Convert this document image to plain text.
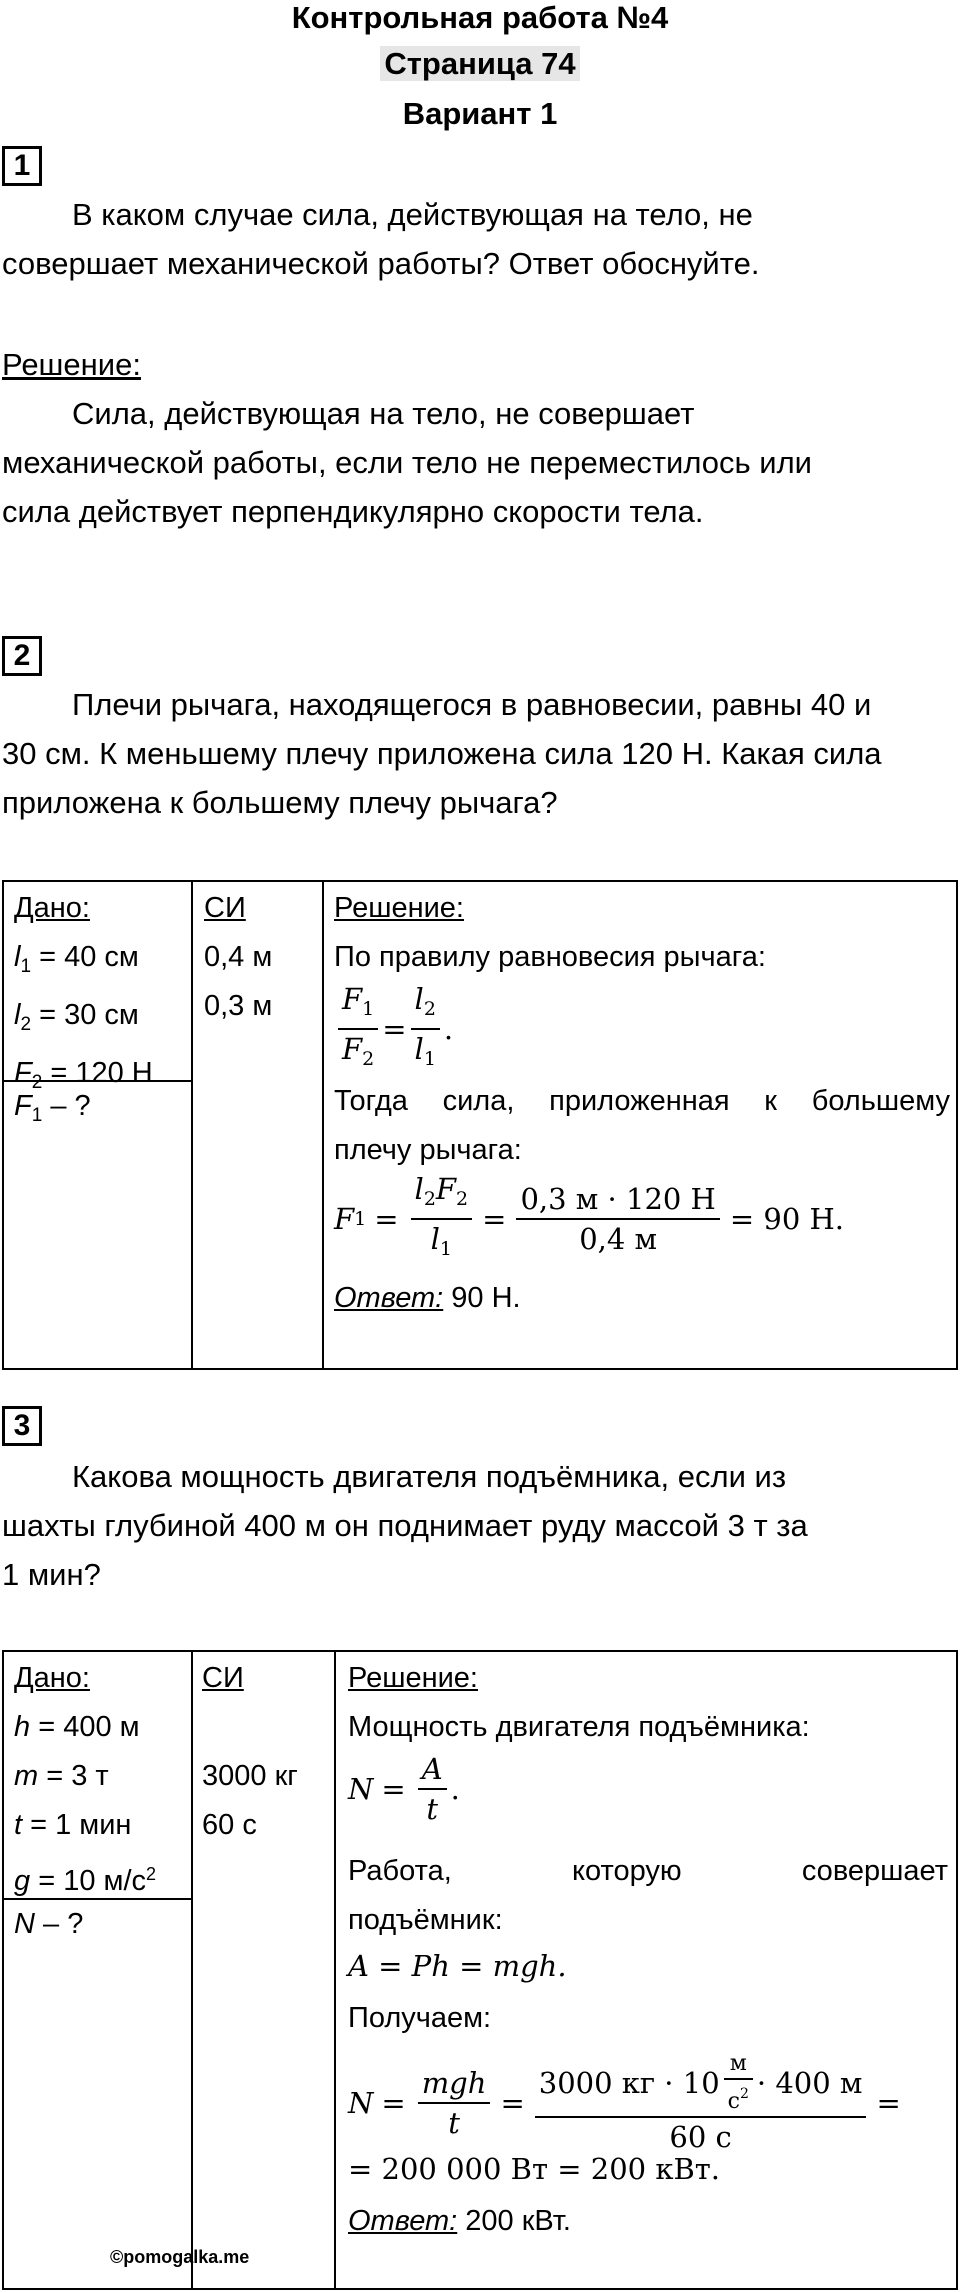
Контрольная работа №4
Страница 74
Вариант 1
1
В каком случае сила, действующая на тело, не
совершает механической работы? Ответ обоснуйте.
Решение:
Сила, действующая на тело, не совершает
механической работы, если тело не переместилось или
сила действует перпендикулярно скорости тела.
2
Плечи рычага, находящегося в равновесии, равны 40 и
30 см. К меньшему плечу приложена сила 120 Н. Какая сила
приложена к большему плечу рычага?
Дано:
$l_1 = 40$ см
$l_2 = 30$ см
$F_2 = 120$ Н
$F_1$ – ?
СИ
0,4 м
0,3 м
Решение:
По правилу равновесия рычага:
$\frac{F_1}{F_2} = \frac{l_2}{l_1}$ .
Тогда сила, приложенная к большему
плечу рычага:
F $1 = \frac{l_2F_2}{l_1} = \frac{0,3 м \cdot 120 Н}{0,4 м} = 90$ Н.
Ответ: 90 Н.
3
Какова мощность двигателя подъёмника, если из
шахты глубиной 400 м он поднимает руду массой 3 т за
1 мин?
Дано:
h = 400 м
m = 3 т
t = 1 мин
g = 10 $м/с^2$
N – ?
СИ

3000 кг
60 с
Решение:
Мощность двигателя подъёмника:
$N = \frac{A}{t}$ .
Работа,	которую	совершает
подъёмник:
A = Ph = mgh.
Получаем:
$N = \frac{\text{mgh}}{t} = \frac{3000 кг \cdot 10 \frac{м}{с^2} \cdot 400 м}{60 с}$ =
= 200 000 Вт = 200 кВт.
Ответ: 200 кВт.
©pomogalka.me
